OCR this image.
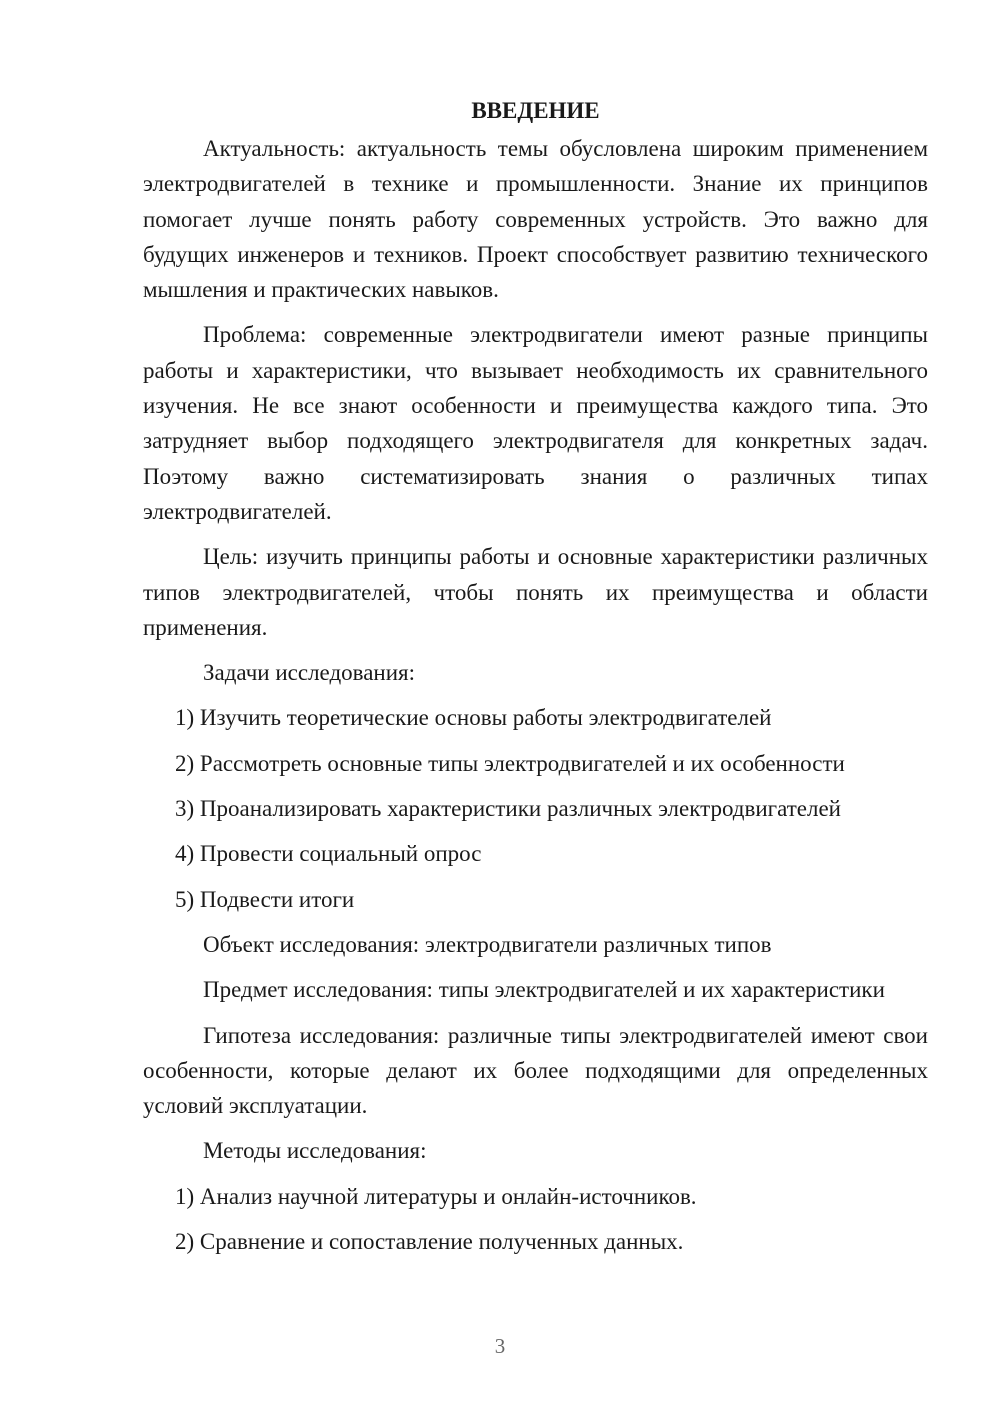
ВВЕДЕНИЕ

Актуальность: актуальность темы обусловлена широким применением электродвигателей в технике и промышленности. Знание их принципов помогает лучше понять работу современных устройств. Это важно для будущих инженеров и техников. Проект способствует развитию технического мышления и практических навыков.

Проблема: современные электродвигатели имеют разные принципы работы и характеристики, что вызывает необходимость их сравнительного изучения. Не все знают особенности и преимущества каждого типа. Это затрудняет выбор подходящего электродвигателя для конкретных задач. Поэтому важно систематизировать знания о различных типах электродвигателей.

Цель: изучить принципы работы и основные характеристики различных типов электродвигателей, чтобы понять их преимущества и области применения.

Задачи исследования:

1) Изучить теоретические основы работы электродвигателей

2) Рассмотреть основные типы электродвигателей и их особенности

3) Проанализировать характеристики различных электродвигателей

4) Провести социальный опрос

5) Подвести итоги

Объект исследования: электродвигатели различных типов

Предмет исследования: типы электродвигателей и их характеристики

Гипотеза исследования: различные типы электродвигателей имеют свои особенности, которые делают их более подходящими для определенных условий эксплуатации.

Методы исследования:

1) Анализ научной литературы и онлайн-источников.

2) Сравнение и сопоставление полученных данных.

3
